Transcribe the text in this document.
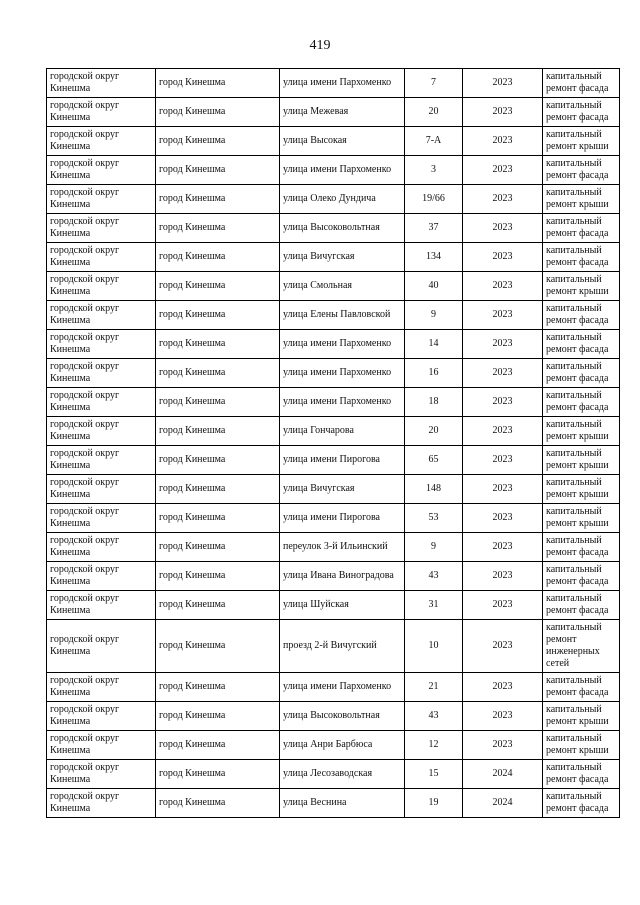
419
городской округ Кинешма	город Кинешма	улица имени Пархоменко	7	2023	капитальный ремонт фасада
городской округ Кинешма	город Кинешма	улица Межевая	20	2023	капитальный ремонт фасада
городской округ Кинешма	город Кинешма	улица Высокая	7-А	2023	капитальный ремонт крыши
городской округ Кинешма	город Кинешма	улица имени Пархоменко	3	2023	капитальный ремонт фасада
городской округ Кинешма	город Кинешма	улица Олеко Дундича	19/66	2023	капитальный ремонт крыши
городской округ Кинешма	город Кинешма	улица Высоковольтная	37	2023	капитальный ремонт фасада
городской округ Кинешма	город Кинешма	улица Вичугская	134	2023	капитальный ремонт фасада
городской округ Кинешма	город Кинешма	улица Смольная	40	2023	капитальный ремонт крыши
городской округ Кинешма	город Кинешма	улица Елены Павловской	9	2023	капитальный ремонт фасада
городской округ Кинешма	город Кинешма	улица имени Пархоменко	14	2023	капитальный ремонт фасада
городской округ Кинешма	город Кинешма	улица имени Пархоменко	16	2023	капитальный ремонт фасада
городской округ Кинешма	город Кинешма	улица имени Пархоменко	18	2023	капитальный ремонт фасада
городской округ Кинешма	город Кинешма	улица Гончарова	20	2023	капитальный ремонт крыши
городской округ Кинешма	город Кинешма	улица имени Пирогова	65	2023	капитальный ремонт крыши
городской округ Кинешма	город Кинешма	улица Вичугская	148	2023	капитальный ремонт крыши
городской округ Кинешма	город Кинешма	улица имени Пирогова	53	2023	капитальный ремонт крыши
городской округ Кинешма	город Кинешма	переулок 3-й Ильинский	9	2023	капитальный ремонт фасада
городской округ Кинешма	город Кинешма	улица Ивана Виноградова	43	2023	капитальный ремонт фасада
городской округ Кинешма	город Кинешма	улица Шуйская	31	2023	капитальный ремонт фасада
городской округ Кинешма	город Кинешма	проезд 2-й Вичугский	10	2023	капитальный ремонт инженерных сетей
городской округ Кинешма	город Кинешма	улица имени Пархоменко	21	2023	капитальный ремонт фасада
городской округ Кинешма	город Кинешма	улица Высоковольтная	43	2023	капитальный ремонт крыши
городской округ Кинешма	город Кинешма	улица Анри Барбюса	12	2023	капитальный ремонт крыши
городской округ Кинешма	город Кинешма	улица Лесозаводская	15	2024	капитальный ремонт фасада
городской округ Кинешма	город Кинешма	улица Веснина	19	2024	капитальный ремонт фасада
